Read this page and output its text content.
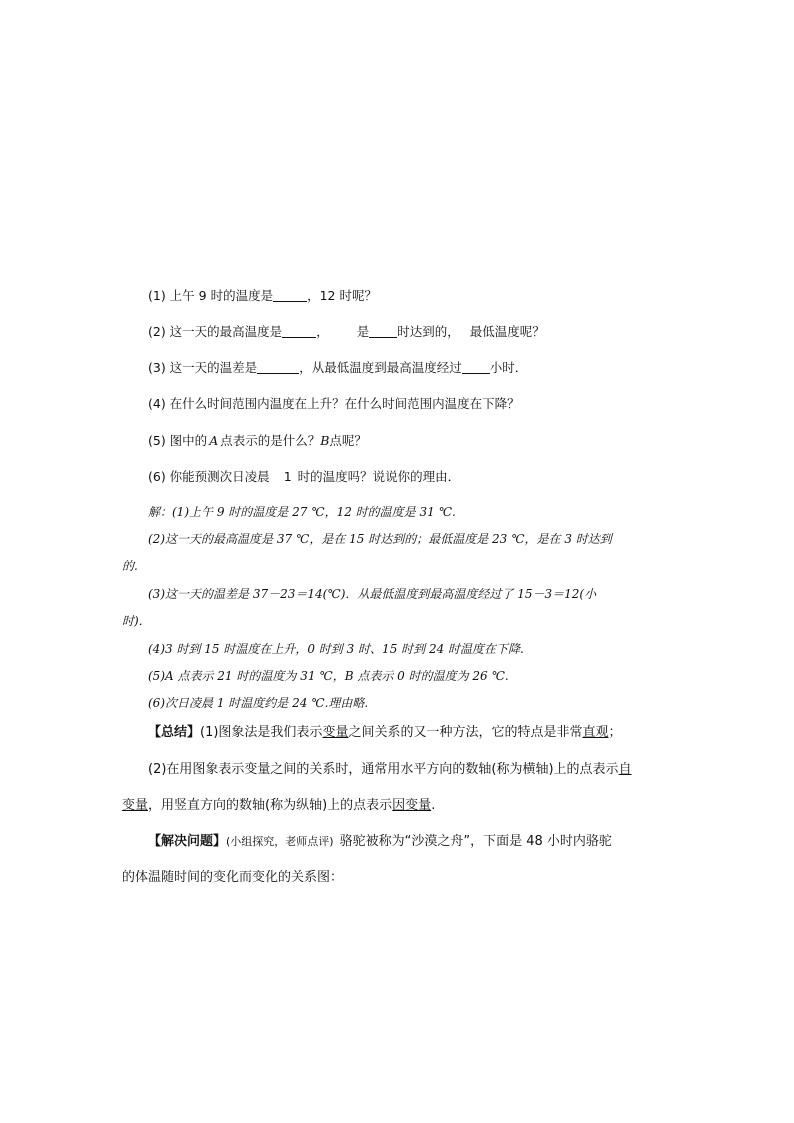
(1) 上午 9 时的温度是	，12 时呢？
(2) 这一天的最高温度是	， 是 时达到的， 最低温度呢？
(3) 这一天的温差是	，从最低温度到最高温度经过 小时．
(4) 在什么时间范围内温度在上升？在什么时间范围内温度在下降？
(5) 图中的 A 点表示的是什么？B点呢？
(6) 你能预测次日凌晨 1 时的温度吗？说说你的理由．
解：(1)上午 9 时的温度是 27 ℃，12 时的温度是 31 ℃.
(2)这一天的最高温度是 37 ℃，是在 15 时达到的；最低温度是 23 ℃，是在 3 时达到
的.
(3)这一天的温差是 37－23＝14(℃)．从最低温度到最高温度经过了 15－3＝12(小
时)．
(4)3 时到 15 时温度在上升，0 时到 3 时、15 时到 24 时温度在下降.
(5)A 点表示 21 时的温度为 31 ℃，B 点表示 0 时的温度为 26 ℃.
(6)次日凌晨 1 时温度约是 24 ℃.理由略.
【总结】(1)图象法是我们表示变量之间关系的又一种方法，它的特点是非常直观；
(2)在用图象表示变量之间的关系时，通常用水平方向的数轴(称为横轴)上的点表示自
变量，用竖直方向的数轴(称为纵轴)上的点表示因变量.
【解决问题】(小组探究，老师点评) 骆驼被称为“沙漠之舟”，下面是 48 小时内骆驼
的体温随时间的变化而变化的关系图：
